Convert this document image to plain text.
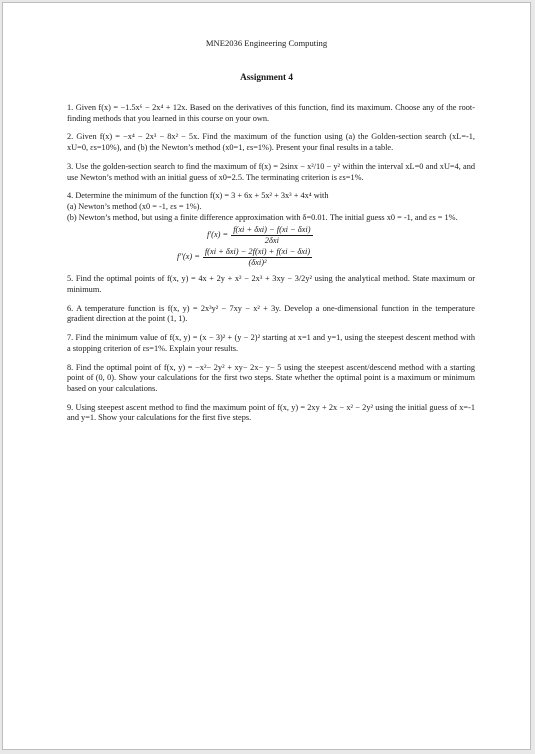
MNE2036 Engineering Computing
Assignment 4

1. Given f(x) = −1.5x⁶ − 2x⁴ + 12x. Based on the derivatives of this function, find its maximum. Choose any of the root-finding methods that you learned in this course on your own.

2. Given f(x) = −x⁴ − 2x³ − 8x² − 5x. Find the maximum of the function using (a) the Golden-section search (xL=-1, xU=0, εs=10%), and (b) the Newton’s method (x0=1, εs=1%). Present your final results in a table.

3. Use the golden-section search to find the maximum of f(x) = 2sinx − x²/10 − y² within the interval xL=0 and xU=4, and use Newton’s method with an initial guess of x0=2.5. The terminating criterion is εs=1%.

4. Determine the minimum of the function f(x) = 3 + 6x + 5x² + 3x³ + 4x⁴ with

(a) Newton’s method (x0 = -1, εs = 1%).

(b) Newton’s method, but using a finite difference approximation with δ=0.01. The initial guess x0 = -1, and εs = 1%.

$f'(x) = \frac{\text{f(xi + δxi) − f(xi − δxi)}}{\text{2δxi}}$
$f''(x) = \frac{\text{f(xi + δxi) − 2f(xi) + f(xi − δxi)}}{\text{(δxi)²}}$

5. Find the optimal points of f(x, y) = 4x + 2y + x² − 2x³ + 3xy − 3/2y² using the analytical method. State maximum or minimum.

6. A temperature function is f(x, y) = 2x³y² − 7xy − x² + 3y. Develop a one-dimensional function in the temperature gradient direction at the point (1, 1).

7. Find the minimum value of f(x, y) = (x − 3)² + (y − 2)² starting at x=1 and y=1, using the steepest descent method with a stopping criterion of εs=1%. Explain your results.

8. Find the optimal point of f(x, y) = −x²− 2y² + xy− 2x− y− 5 using the steepest ascent/descend method with a starting point of (0, 0). Show your calculations for the first two steps. State whether the optimal point is a maximum or minimum based on your calculations.

9. Using steepest ascent method to find the maximum point of f(x, y) = 2xy + 2x − x² − 2y² using the initial guess of x=-1 and y=1. Show your calculations for the first five steps.
